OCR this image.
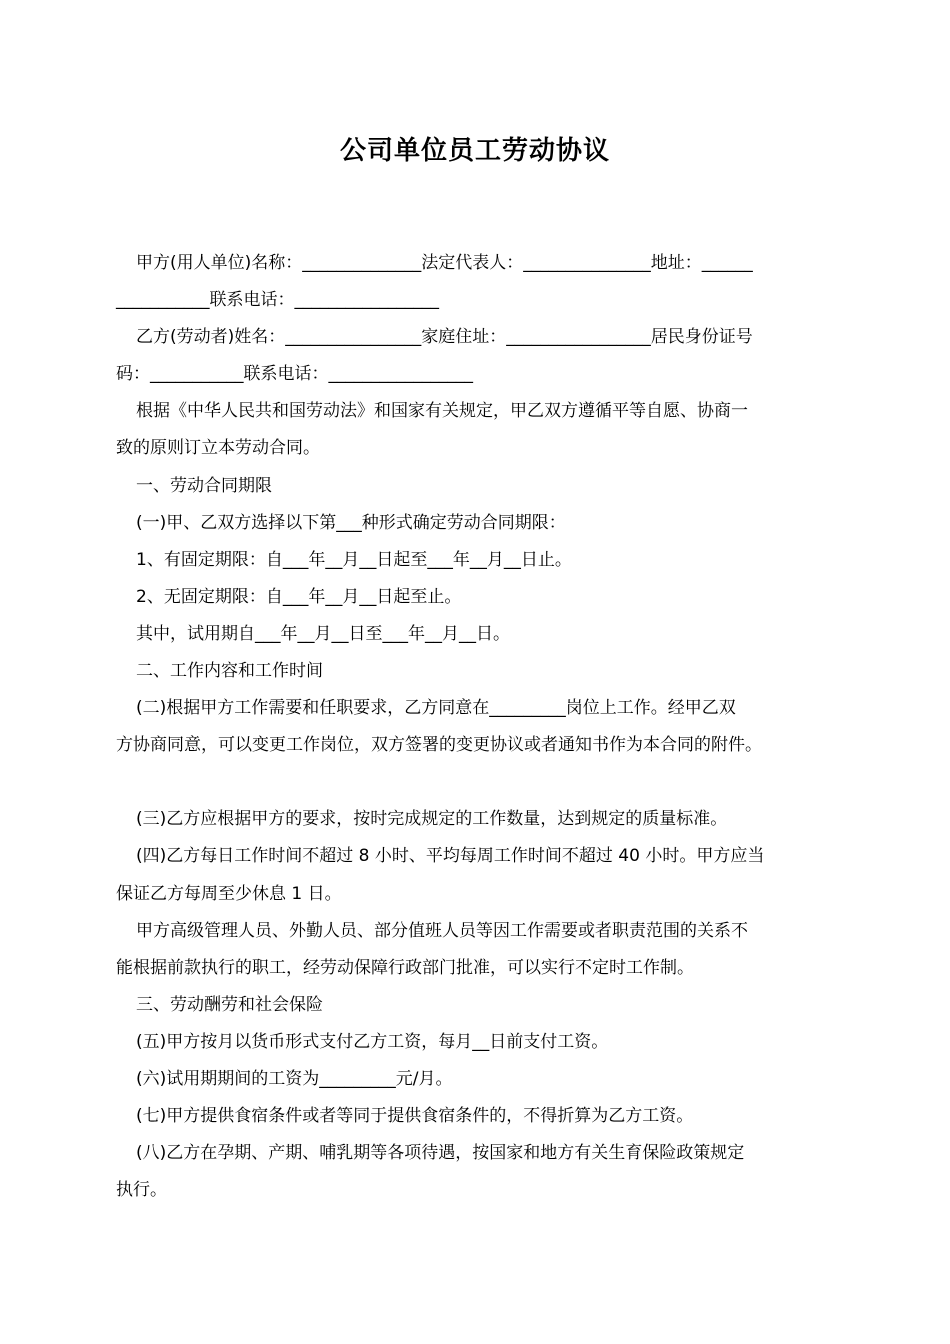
公司单位员工劳动协议

甲方(用人单位)名称：______________法定代表人：_______________地址：______

___________联系电话：_________________

乙方(劳动者)姓名：________________家庭住址：_________________居民身份证号

码：___________联系电话：_________________

根据《中华人民共和国劳动法》和国家有关规定，甲乙双方遵循平等自愿、协商一

致的原则订立本劳动合同。

一、劳动合同期限

(一)甲、乙双方选择以下第___种形式确定劳动合同期限：

1、有固定期限：自___年__月__日起至___年__月__日止。

2、无固定期限：自___年__月__日起至止。

其中，试用期自___年__月__日至___年__月__日。

二、工作内容和工作时间

(二)根据甲方工作需要和任职要求，乙方同意在_________岗位上工作。经甲乙双

方协商同意，可以变更工作岗位，双方签署的变更协议或者通知书作为本合同的附件。

(三)乙方应根据甲方的要求，按时完成规定的工作数量，达到规定的质量标准。

(四)乙方每日工作时间不超过 8 小时、平均每周工作时间不超过 40 小时。甲方应当

保证乙方每周至少休息 1 日。

甲方高级管理人员、外勤人员、部分值班人员等因工作需要或者职责范围的关系不

能根据前款执行的职工，经劳动保障行政部门批准，可以实行不定时工作制。

三、劳动酬劳和社会保险

(五)甲方按月以货币形式支付乙方工资，每月__日前支付工资。

(六)试用期期间的工资为_________元/月。

(七)甲方提供食宿条件或者等同于提供食宿条件的，不得折算为乙方工资。

(八)乙方在孕期、产期、哺乳期等各项待遇，按国家和地方有关生育保险政策规定

执行。
